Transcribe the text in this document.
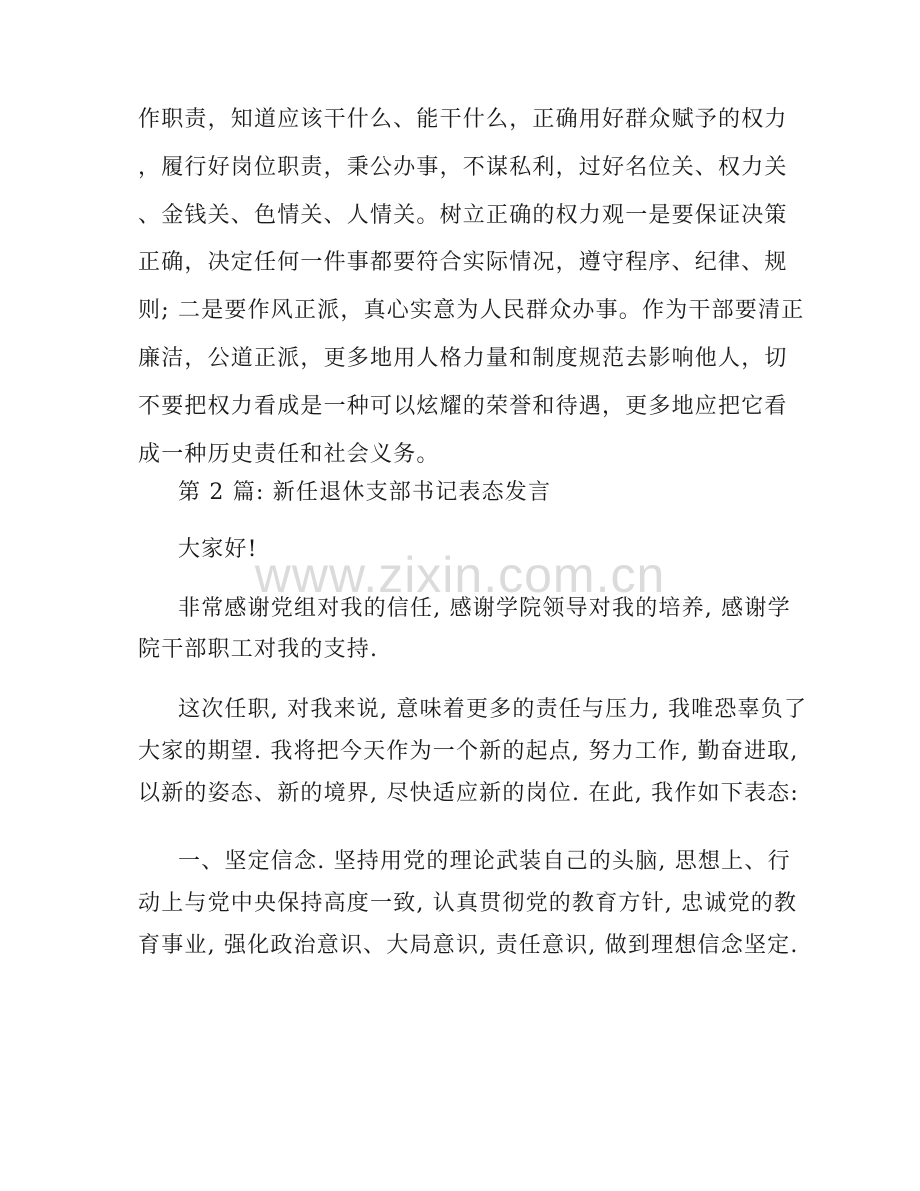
作职责，知道应该干什么、能干什么，正确用好群众赋予的权力
，履行好岗位职责，秉公办事，不谋私利，过好名位关、权力关
、金钱关、色情关、人情关。树立正确的权力观一是要保证决策
正确，决定任何一件事都要符合实际情况，遵守程序、纪律、规
则; 二是要作风正派，真心实意为人民群众办事。作为干部要清正
廉洁，公道正派，更多地用人格力量和制度规范去影响他人，切
不要把权力看成是一种可以炫耀的荣誉和待遇，更多地应把它看
成一种历史责任和社会义务。
第 2 篇: 新任退休支部书记表态发言
大家好!
非常感谢党组对我的信任, 感谢学院领导对我的培养, 感谢学
院干部职工对我的支持.
这次任职, 对我来说, 意味着更多的责任与压力, 我唯恐辜负了
大家的期望. 我将把今天作为一个新的起点, 努力工作, 勤奋进取,
以新的姿态、新的境界, 尽快适应新的岗位. 在此, 我作如下表态:
一、坚定信念. 坚持用党的理论武装自己的头脑, 思想上、行
动上与党中央保持高度一致, 认真贯彻党的教育方针, 忠诚党的教
育事业, 强化政治意识、大局意识, 责任意识, 做到理想信念坚定.
www.zixin.com.cn
